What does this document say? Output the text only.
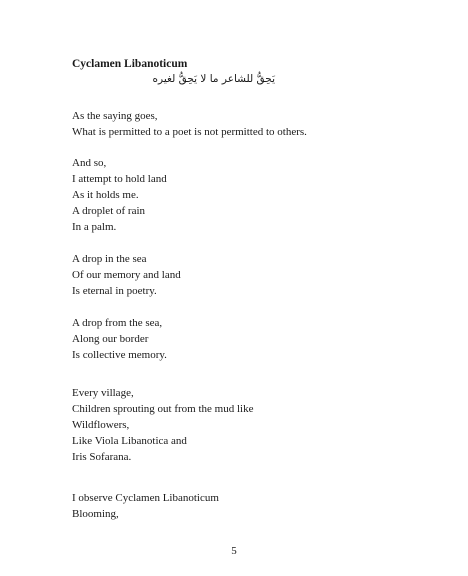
Cyclamen Libanoticum
يَحِقُّ للشاعر ما لا يَحِقُّ لغيره
As the saying goes,
What is permitted to a poet is not permitted to others.
And so,
I attempt to hold land
As it holds me.
A droplet of rain
In a palm.
A drop in the sea
Of our memory and land
Is eternal in poetry.
A drop from the sea,
Along our border
Is collective memory.
Every village,
Children sprouting out from the mud like
Wildflowers,
Like Viola Libanotica and
Iris Sofarana.
I observe Cyclamen Libanoticum
Blooming,
5
